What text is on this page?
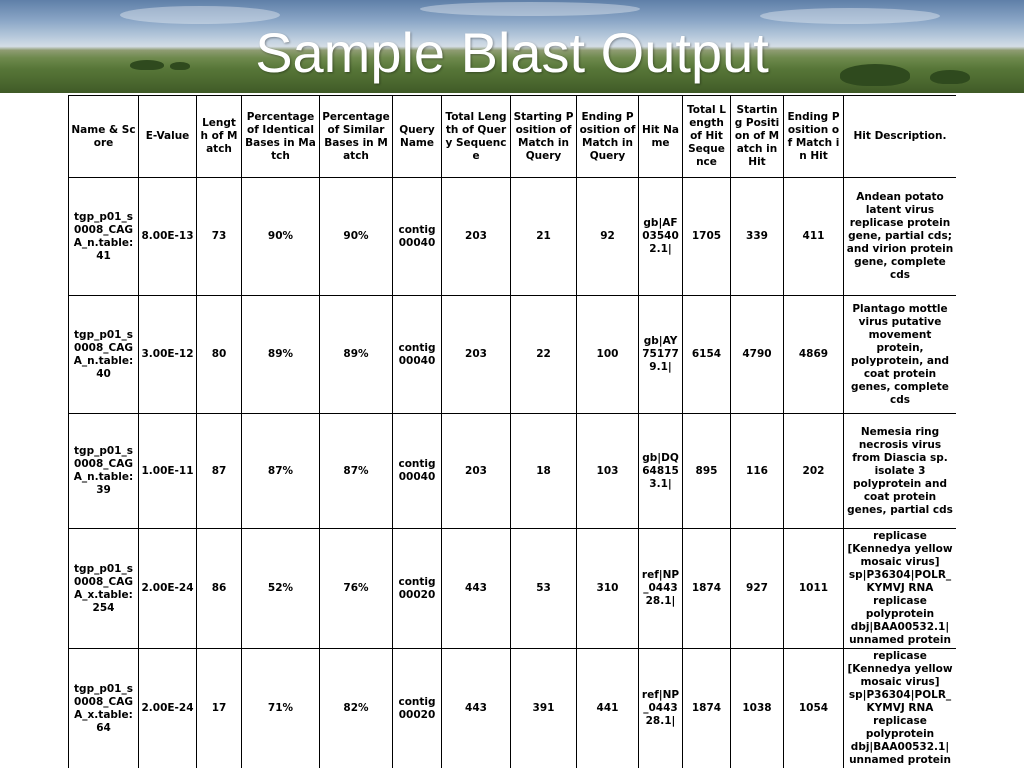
Sample Blast Output
Name & Score	E-Value	Length of Match	Percentage of Identical Bases in Match	Percentage of Similar Bases in Match	Query Name	Total Length of Query Sequence	Starting Position of Match in Query	Ending Position of Match in Query	Hit Name	Total Length of Hit Sequence	Starting Position of Match in Hit	Ending Position of Match in Hit	Hit Description.
tgp_p01_s0008_CAGA_n.table: 41	8.00E-13	73	90%	90%	contig00040	203	21	92	gb|AF035402.1|	1705	339	411	Andean potato latent virus replicase protein gene, partial cds; and virion protein gene, complete cds
tgp_p01_s0008_CAGA_n.table: 40	3.00E-12	80	89%	89%	contig00040	203	22	100	gb|AY751779.1|	6154	4790	4869	Plantago mottle virus putative movement protein, polyprotein, and coat protein genes, complete cds
tgp_p01_s0008_CAGA_n.table: 39	1.00E-11	87	87%	87%	contig00040	203	18	103	gb|DQ648153.1|	895	116	202	Nemesia ring necrosis virus from Diascia sp. isolate 3 polyprotein and coat protein genes, partial cds
tgp_p01_s0008_CAGA_x.table: 254	2.00E-24	86	52%	76%	contig00020	443	53	310	ref|NP_044328.1|	1874	927	1011	replicase [Kennedya yellow mosaic virus] sp|P36304|POLR_KYMVJ RNA replicase polyprotein dbj|BAA00532.1| unnamed protein
tgp_p01_s0008_CAGA_x.table: 64	2.00E-24	17	71%	82%	contig00020	443	391	441	ref|NP_044328.1|	1874	1038	1054	replicase [Kennedya yellow mosaic virus] sp|P36304|POLR_KYMVJ RNA replicase polyprotein dbj|BAA00532.1| unnamed protein
